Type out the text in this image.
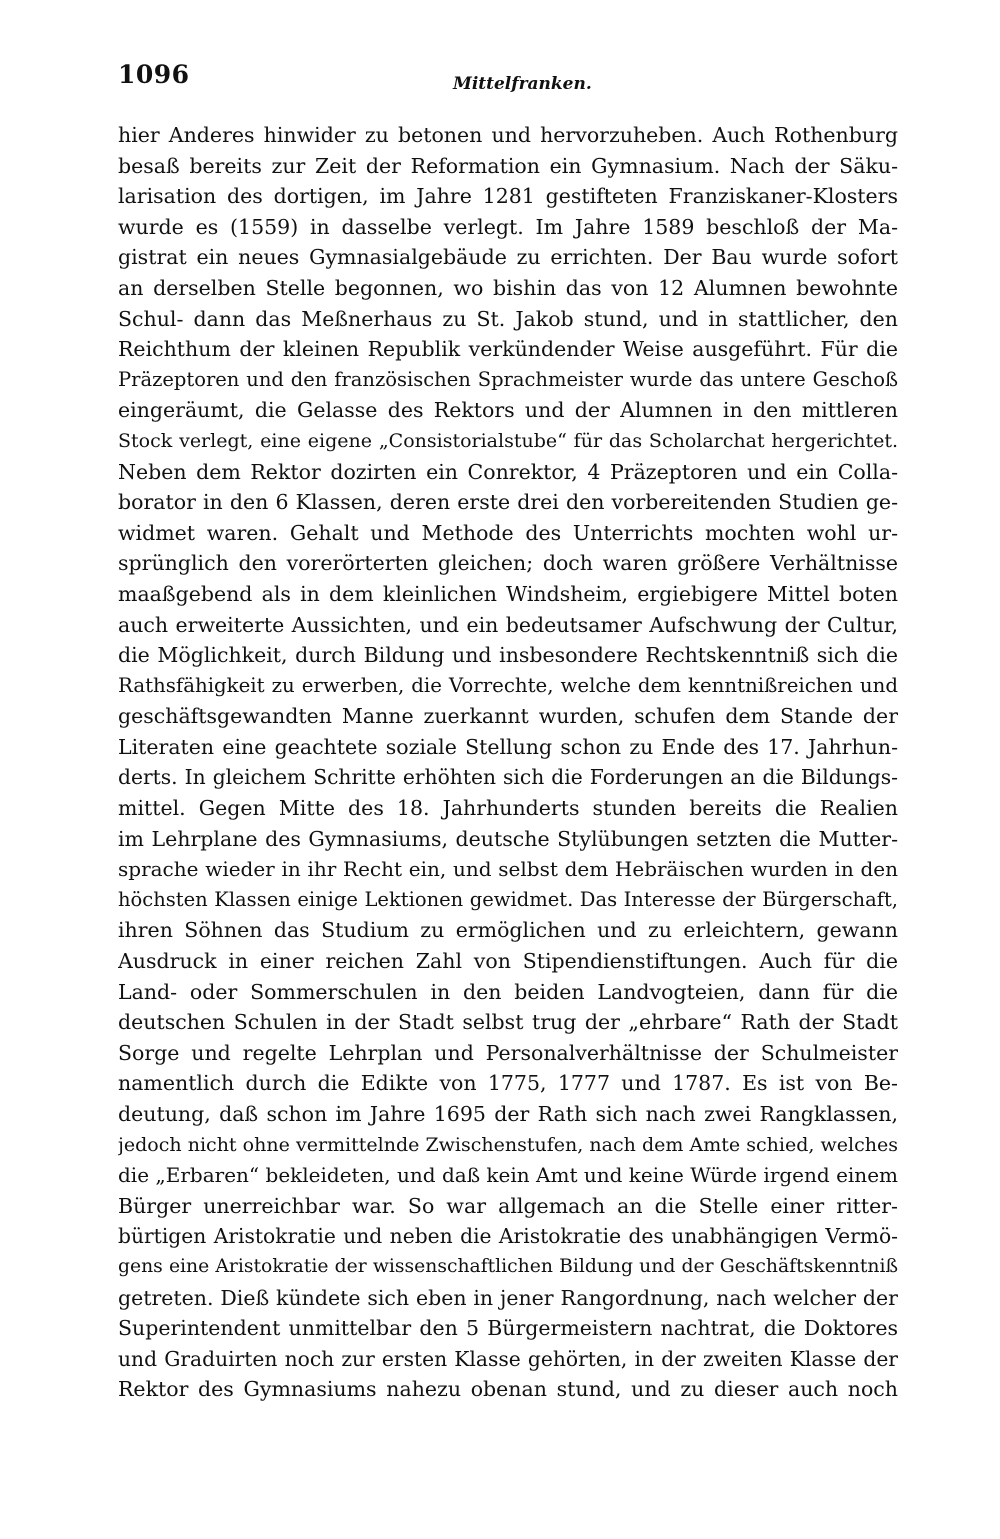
1096	Mittelfranken.
hier Anderes hinwider zu betonen und hervorzuheben. Auch Rothenburg
besaß bereits zur Zeit der Reformation ein Gymnasium. Nach der Säku-
larisation des dortigen, im Jahre 1281 gestifteten Franziskaner-Klosters
wurde es (1559) in dasselbe verlegt. Im Jahre 1589 beschloß der Ma-
gistrat ein neues Gymnasialgebäude zu errichten. Der Bau wurde sofort
an derselben Stelle begonnen, wo bishin das von 12 Alumnen bewohnte
Schul- dann das Meßnerhaus zu St. Jakob stund, und in stattlicher, den
Reichthum der kleinen Republik verkündender Weise ausgeführt. Für die
Präzeptoren und den französischen Sprachmeister wurde das untere Geschoß
eingeräumt, die Gelasse des Rektors und der Alumnen in den mittleren
Stock verlegt, eine eigene „Consistorialstube“ für das Scholarchat hergerichtet.
Neben dem Rektor dozirten ein Conrektor, 4 Präzeptoren und ein Colla-
borator in den 6 Klassen, deren erste drei den vorbereitenden Studien ge-
widmet waren. Gehalt und Methode des Unterrichts mochten wohl ur-
sprünglich den vorerörterten gleichen; doch waren größere Verhältnisse
maaßgebend als in dem kleinlichen Windsheim, ergiebigere Mittel boten
auch erweiterte Aussichten, und ein bedeutsamer Aufschwung der Cultur,
die Möglichkeit, durch Bildung und insbesondere Rechtskenntniß sich die
Rathsfähigkeit zu erwerben, die Vorrechte, welche dem kenntnißreichen und
geschäftsgewandten Manne zuerkannt wurden, schufen dem Stande der
Literaten eine geachtete soziale Stellung schon zu Ende des 17. Jahrhun-
derts. In gleichem Schritte erhöhten sich die Forderungen an die Bildungs-
mittel. Gegen Mitte des 18. Jahrhunderts stunden bereits die Realien
im Lehrplane des Gymnasiums, deutsche Stylübungen setzten die Mutter-
sprache wieder in ihr Recht ein, und selbst dem Hebräischen wurden in den
höchsten Klassen einige Lektionen gewidmet. Das Interesse der Bürgerschaft,
ihren Söhnen das Studium zu ermöglichen und zu erleichtern, gewann
Ausdruck in einer reichen Zahl von Stipendienstiftungen. Auch für die
Land- oder Sommerschulen in den beiden Landvogteien, dann für die
deutschen Schulen in der Stadt selbst trug der „ehrbare“ Rath der Stadt
Sorge und regelte Lehrplan und Personalverhältnisse der Schulmeister
namentlich durch die Edikte von 1775, 1777 und 1787. Es ist von Be-
deutung, daß schon im Jahre 1695 der Rath sich nach zwei Rangklassen,
jedoch nicht ohne vermittelnde Zwischenstufen, nach dem Amte schied, welches
die „Erbaren“ bekleideten, und daß kein Amt und keine Würde irgend einem
Bürger unerreichbar war. So war allgemach an die Stelle einer ritter-
bürtigen Aristokratie und neben die Aristokratie des unabhängigen Vermö-
gens eine Aristokratie der wissenschaftlichen Bildung und der Geschäftskenntniß
getreten. Dieß kündete sich eben in jener Rangordnung, nach welcher der
Superintendent unmittelbar den 5 Bürgermeistern nachtrat, die Doktores
und Graduirten noch zur ersten Klasse gehörten, in der zweiten Klasse der
Rektor des Gymnasiums nahezu obenan stund, und zu dieser auch noch
